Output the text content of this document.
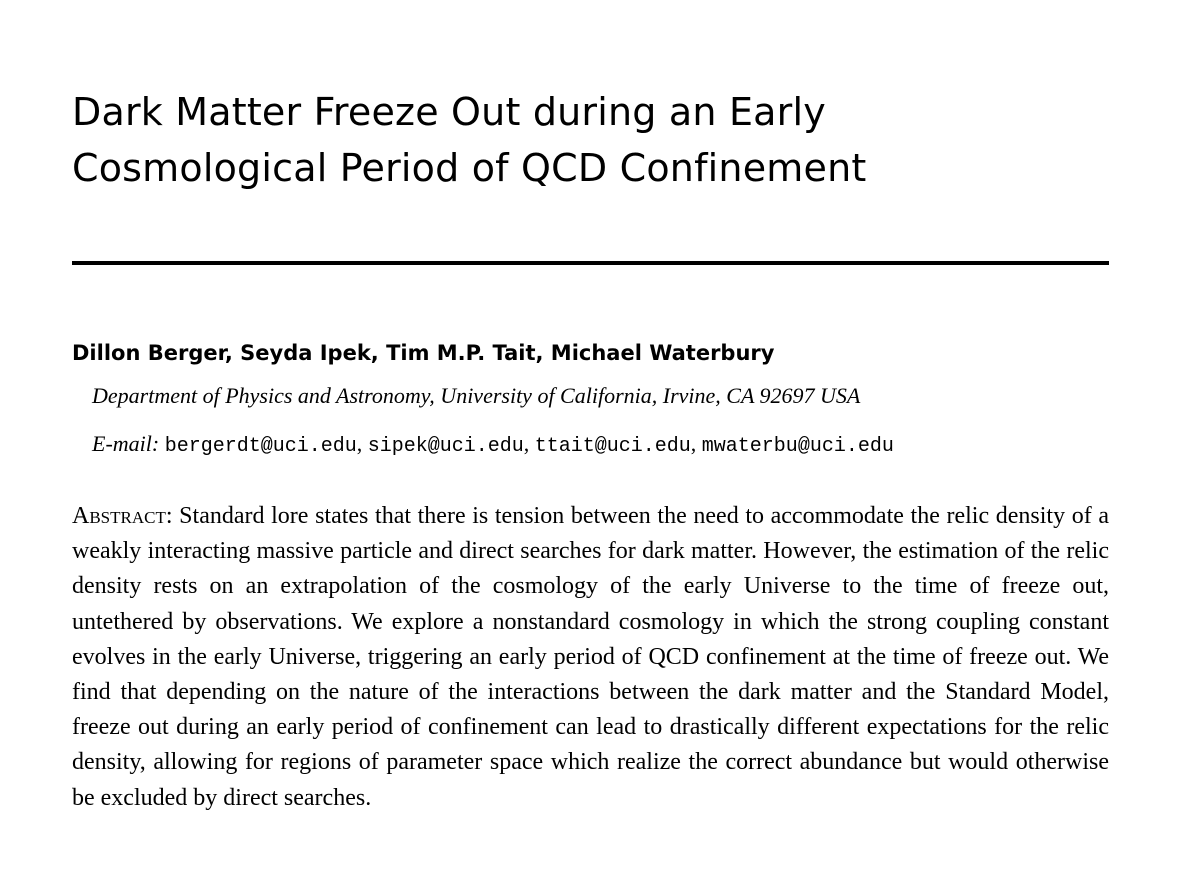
Dark Matter Freeze Out during an Early
Cosmological Period of QCD Confinement
Dillon Berger, Seyda Ipek, Tim M.P. Tait, Michael Waterbury
Department of Physics and Astronomy, University of California, Irvine, CA 92697 USA
E-mail: bergerdt@uci.edu, sipek@uci.edu, ttait@uci.edu, mwaterbu@uci.edu

Abstract: Standard lore states that there is tension between the need to accommodate the relic density of a weakly interacting massive particle and direct searches for dark matter. However, the estimation of the relic density rests on an extrapolation of the cosmology of the early Universe to the time of freeze out, untethered by observations. We explore a nonstandard cosmology in which the strong coupling constant evolves in the early Universe, triggering an early period of QCD confinement at the time of freeze out. We find that depending on the nature of the interactions between the dark matter and the Standard Model, freeze out during an early period of confinement can lead to drastically different expectations for the relic density, allowing for regions of parameter space which realize the correct abundance but would otherwise be excluded by direct searches.
